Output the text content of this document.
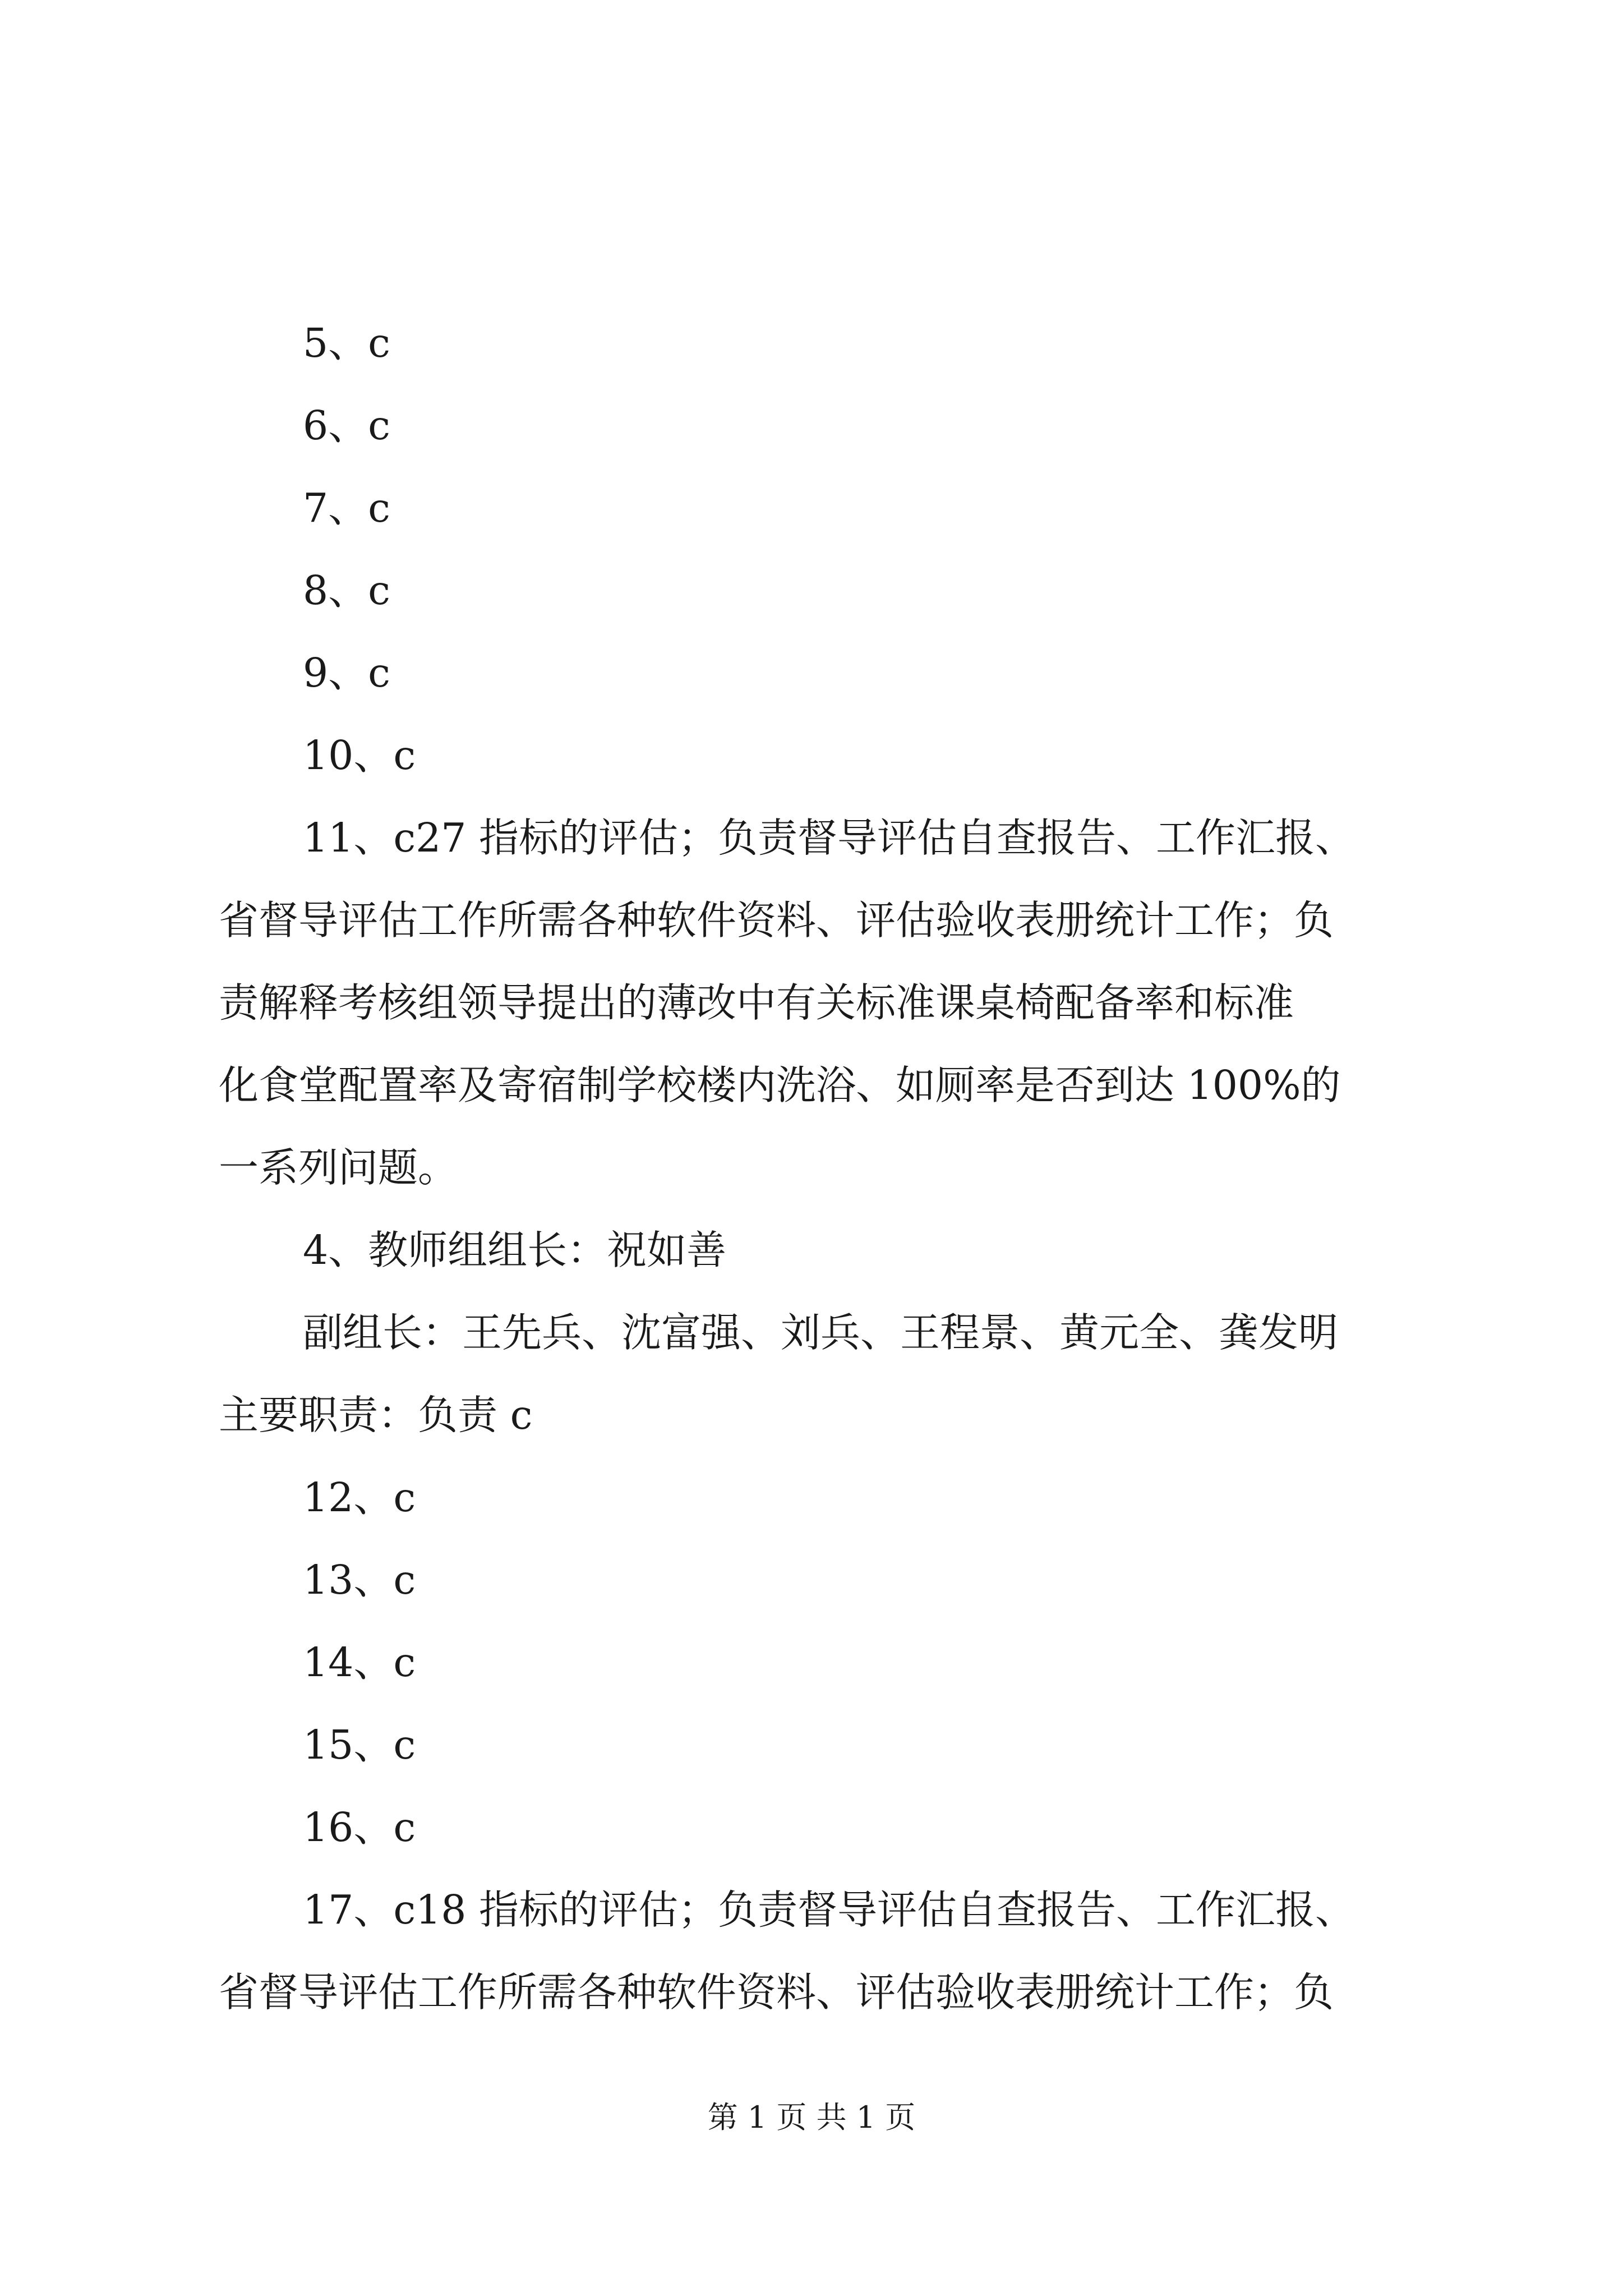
5、c

6、c

7、c

8、c

9、c

10、c

11、c27 指标的评估；负责督导评估自查报告、工作汇报、

省督导评估工作所需各种软件资料、评估验收表册统计工作；负

责解释考核组领导提出的薄改中有关标准课桌椅配备率和标准

化食堂配置率及寄宿制学校楼内洗浴、如厕率是否到达 100%的

一系列问题。

4、教师组组长：祝如善

副组长：王先兵、沈富强、刘兵、王程景、黄元全、龚发明

主要职责：负责 c

12、c

13、c

14、c

15、c

16、c

17、c18 指标的评估；负责督导评估自查报告、工作汇报、

省督导评估工作所需各种软件资料、评估验收表册统计工作；负

第 1 页 共 1 页
